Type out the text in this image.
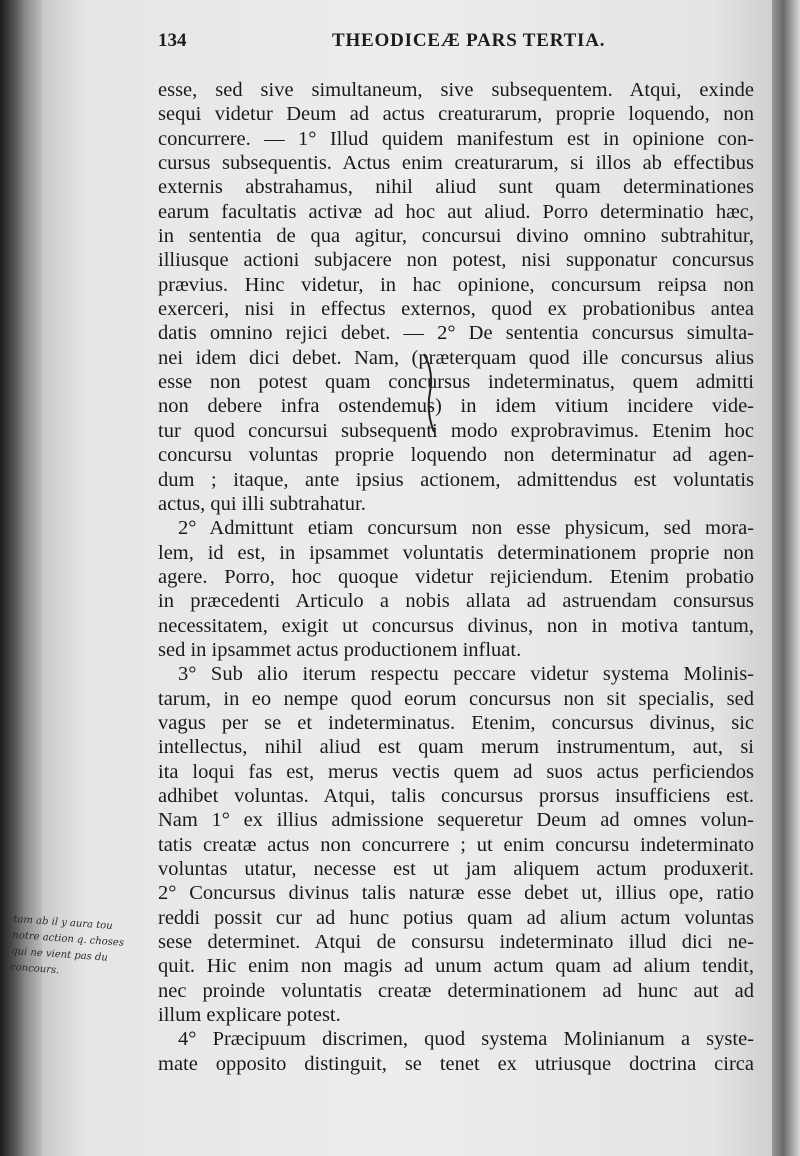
134	THEODICEÆ PARS TERTIA.
esse, sed sive simultaneum, sive subsequentem. Atqui, exinde
sequi videtur Deum ad actus creaturarum, proprie loquendo, non
concurrere. — 1° Illud quidem manifestum est in opinione con-
cursus subsequentis. Actus enim creaturarum, si illos ab effectibus
externis abstrahamus, nihil aliud sunt quam determinationes
earum facultatis activæ ad hoc aut aliud. Porro determinatio hæc,
in sententia de qua agitur, concursui divino omnino subtrahitur,
illiusque actioni subjacere non potest, nisi supponatur concursus
prævius. Hinc videtur, in hac opinione, concursum reipsa non
exerceri, nisi in effectus externos, quod ex probationibus antea
datis omnino rejici debet. — 2° De sententia concursus simulta-
nei idem dici debet. Nam, (præterquam quod ille concursus alius
esse non potest quam concursus indeterminatus, quem admitti
non debere infra ostendemus) in idem vitium incidere vide-
tur quod concursui subsequenti modo exprobravimus. Etenim hoc
concursu voluntas proprie loquendo non determinatur ad agen-
dum ; itaque, ante ipsius actionem, admittendus est voluntatis
actus, qui illi subtrahatur.
2° Admittunt etiam concursum non esse physicum, sed mora-
lem, id est, in ipsammet voluntatis determinationem proprie non
agere. Porro, hoc quoque videtur rejiciendum. Etenim probatio
in præcedenti Articulo a nobis allata ad astruendam consursus
necessitatem, exigit ut concursus divinus, non in motiva tantum,
sed in ipsammet actus productionem influat.
3° Sub alio iterum respectu peccare videtur systema Molinis-
tarum, in eo nempe quod eorum concursus non sit specialis, sed
vagus per se et indeterminatus. Etenim, concursus divinus, sic
intellectus, nihil aliud est quam merum instrumentum, aut, si
ita loqui fas est, merus vectis quem ad suos actus perficiendos
adhibet voluntas. Atqui, talis concursus prorsus insufficiens est.
Nam 1° ex illius admissione sequeretur Deum ad omnes volun-
tatis creatæ actus non concurrere ; ut enim concursu indeterminato
voluntas utatur, necesse est ut jam aliquem actum produxerit.
2° Concursus divinus talis naturæ esse debet ut, illius ope, ratio
reddi possit cur ad hunc potius quam ad alium actum voluntas
sese determinet. Atqui de consursu indeterminato illud dici ne-
quit. Hic enim non magis ad unum actum quam ad alium tendit,
nec proinde voluntatis creatæ determinationem ad hunc aut ad
illum explicare potest.
4° Præcipuum discrimen, quod systema Molinianum a syste-
mate opposito distinguit, se tenet ex utriusque doctrina circa
tam ab il y aura tou
notre action q. choses
qui ne vient pas du
concours.
